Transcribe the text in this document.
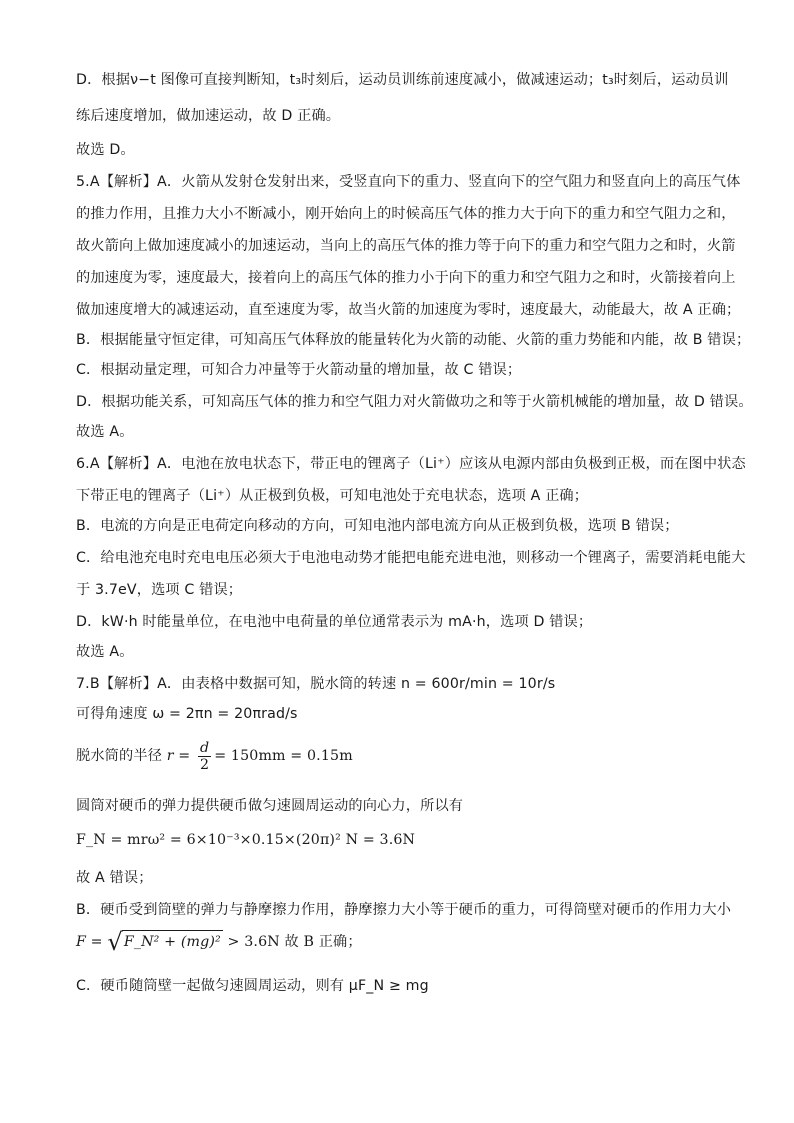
D．根据ν−t 图像可直接判断知，t₃时刻后，运动员训练前速度减小，做减速运动；t₃时刻后，运动员训
练后速度增加，做加速运动，故 D 正确。
故选 D。
5.A【解析】A．火箭从发射仓发射出来，受竖直向下的重力、竖直向下的空气阻力和竖直向上的高压气体
的推力作用，且推力大小不断减小，刚开始向上的时候高压气体的推力大于向下的重力和空气阻力之和，
故火箭向上做加速度减小的加速运动，当向上的高压气体的推力等于向下的重力和空气阻力之和时，火箭
的加速度为零，速度最大，接着向上的高压气体的推力小于向下的重力和空气阻力之和时，火箭接着向上
做加速度增大的减速运动，直至速度为零，故当火箭的加速度为零时，速度最大，动能最大，故 A 正确；
B．根据能量守恒定律，可知高压气体释放的能量转化为火箭的动能、火箭的重力势能和内能，故 B 错误；
C．根据动量定理，可知合力冲量等于火箭动量的增加量，故 C 错误；
D．根据功能关系，可知高压气体的推力和空气阻力对火箭做功之和等于火箭机械能的增加量，故 D 错误。
故选 A。
6.A【解析】A．电池在放电状态下，带正电的锂离子（Li⁺）应该从电源内部由负极到正极，而在图中状态
下带正电的锂离子（Li⁺）从正极到负极，可知电池处于充电状态，选项 A 正确；
B．电流的方向是正电荷定向移动的方向，可知电池内部电流方向从正极到负极，选项 B 错误；
C．给电池充电时充电电压必须大于电池电动势才能把电能充进电池，则移动一个锂离子，需要消耗电能大
于 3.7eV，选项 C 错误；
D．kW·h 时能量单位，在电池中电荷量的单位通常表示为 mA·h，选项 D 错误；
故选 A。
7.B【解析】A．由表格中数据可知，脱水筒的转速 n = 600r/min = 10r/s
可得角速度 ω = 2πn = 20πrad/s
脱水筒的半径 $r = \frac{d}{2} = 150mm = 0.15m$
圆筒对硬币的弹力提供硬币做匀速圆周运动的向心力，所以有
F_N = mrω² = 6×10⁻³×0.15×(20π)² N = 3.6N
故 A 错误；
B．硬币受到筒壁的弹力与静摩擦力作用，静摩擦力大小等于硬币的重力，可得筒壁对硬币的作用力大小
F = √ F_N² + (mg)² > 3.6N 故 B 正确；
C．硬币随筒壁一起做匀速圆周运动，则有 μF_N ≥ mg
